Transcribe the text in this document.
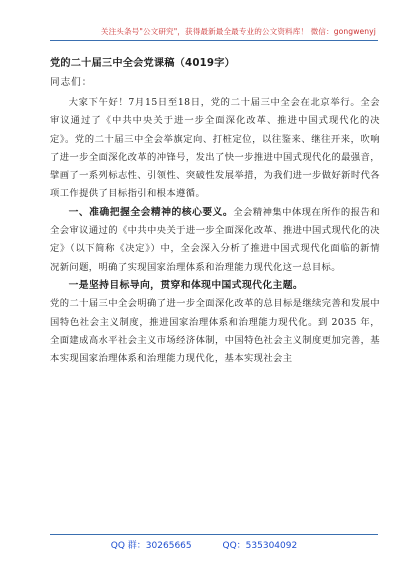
关注头条号"公文研究"，获得最新最全最专业的公文资料库！ 微信：gongwenyj
党的二十届三中全会党课稿（4019字）
同志们：

大家下午好！7月15日至18日，党的二十届三中全会在北京举行。全会审议通过了《中共中央关于进一步全面深化改革、推进中国式现代化的决定》。党的二十届三中全会举旗定向、打桩定位，以往鉴来、继往开来，吹响了进一步全面深化改革的冲锋号，发出了快一步推进中国式现代化的最强音，擘画了一系列标志性、引领性、突破性发展举措，为我们进一步做好新时代各项工作提供了目标指引和根本遵循。

一、准确把握全会精神的核心要义。全会精神集中体现在所作的报告和全会审议通过的《中共中央关于进一步全面深化改革、推进中国式现代化的决定》（以下简称《决定》）中，全会深入分析了推进中国式现代化面临的新情况新问题，明确了实现国家治理体系和治理能力现代化这一总目标。

一是坚持目标导向，贯穿和体现中国式现代化主题。

党的二十届三中全会明确了进一步全面深化改革的总目标是继续完善和发展中国特色社会主义制度，推进国家治理体系和治理能力现代化。到 2035 年，全面建成高水平社会主义市场经济体制，中国特色社会主义制度更加完善，基本实现国家治理体系和治理能力现代化，基本实现社会主

QQ 群：30265665	QQ：535304092
